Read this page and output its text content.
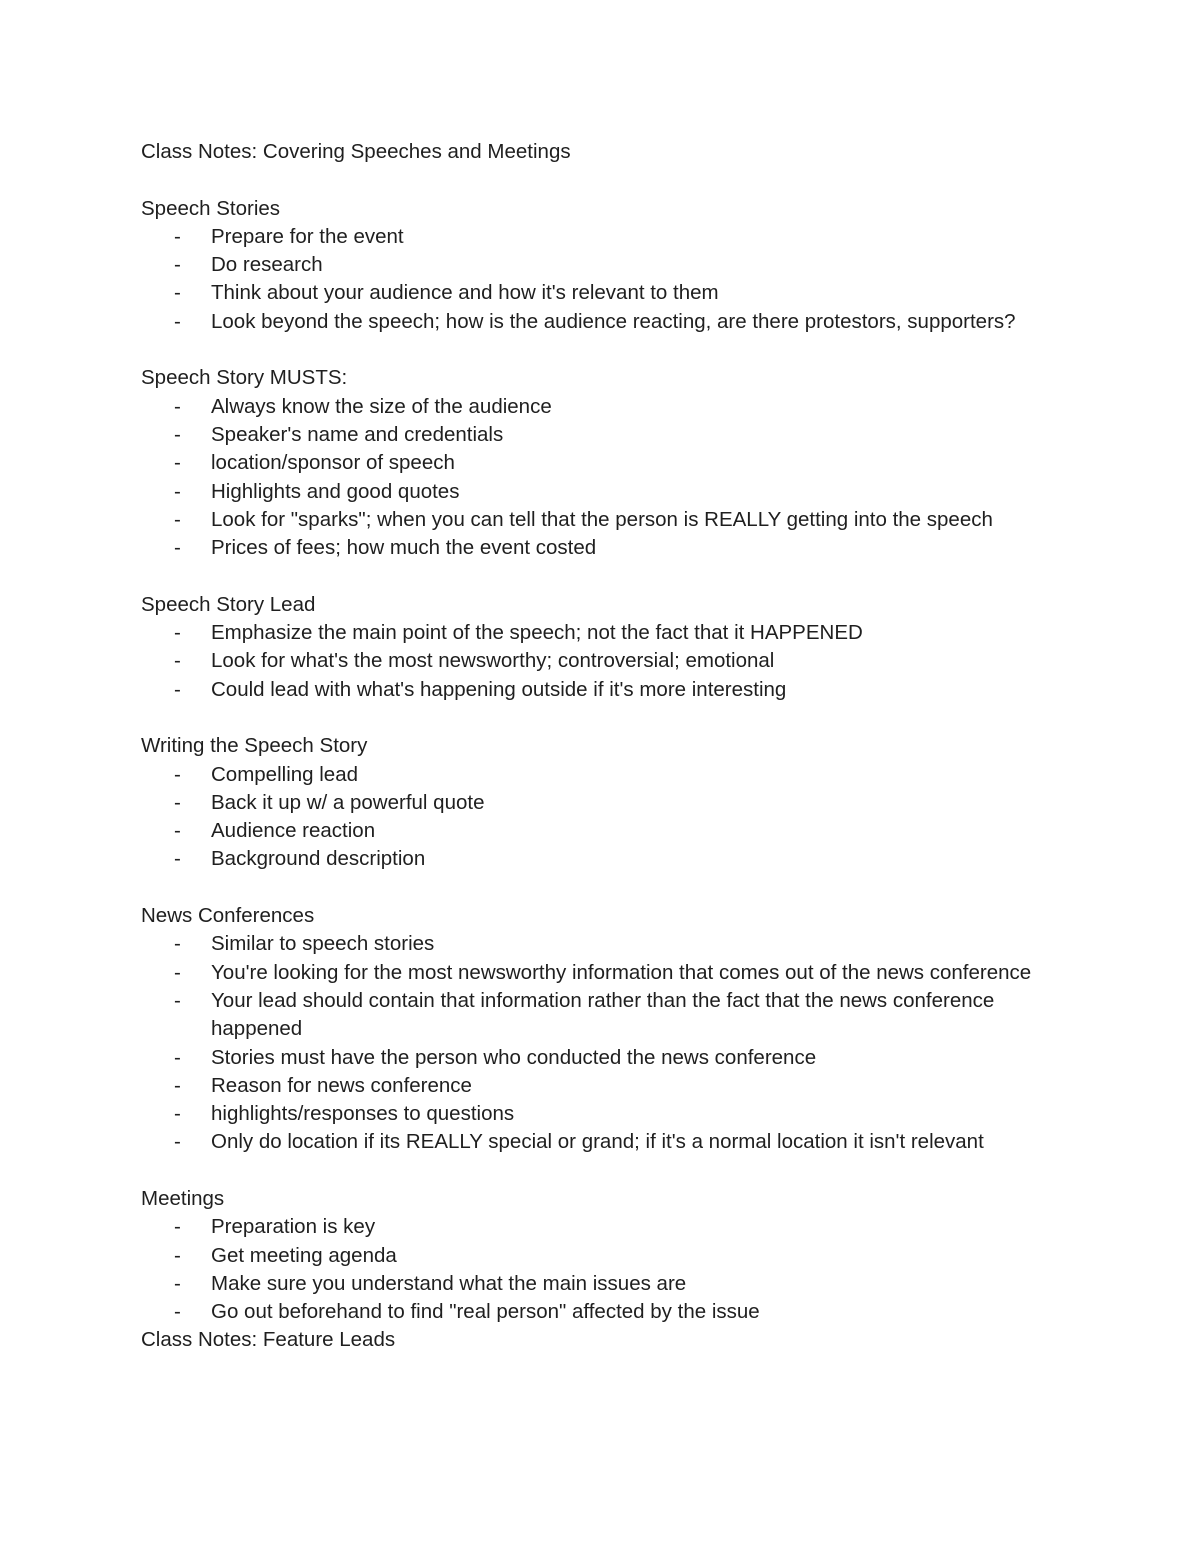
Class Notes: Covering Speeches and Meetings

Speech Stories

- Prepare for the event
- Do research
- Think about your audience and how it's relevant to them
- Look beyond the speech; how is the audience reacting, are there protestors, supporters?

Speech Story MUSTS:

- Always know the size of the audience
- Speaker's name and credentials
- location/sponsor of speech
- Highlights and good quotes
- Look for "sparks"; when you can tell that the person is REALLY getting into the speech
- Prices of fees; how much the event costed

Speech Story Lead

- Emphasize the main point of the speech; not the fact that it HAPPENED
- Look for what's the most newsworthy; controversial; emotional
- Could lead with what's happening outside if it's more interesting

Writing the Speech Story

- Compelling lead
- Back it up w/ a powerful quote
- Audience reaction
- Background description

News Conferences

- Similar to speech stories
- You're looking for the most newsworthy information that comes out of the news conference
- Your lead should contain that information rather than the fact that the news conference happened
- Stories must have the person who conducted the news conference
- Reason for news conference
- highlights/responses to questions
- Only do location if its REALLY special or grand; if it's a normal location it isn't relevant

Meetings

- Preparation is key
- Get meeting agenda
- Make sure you understand what the main issues are
- Go out beforehand to find "real person" affected by the issue

Class Notes: Feature Leads
